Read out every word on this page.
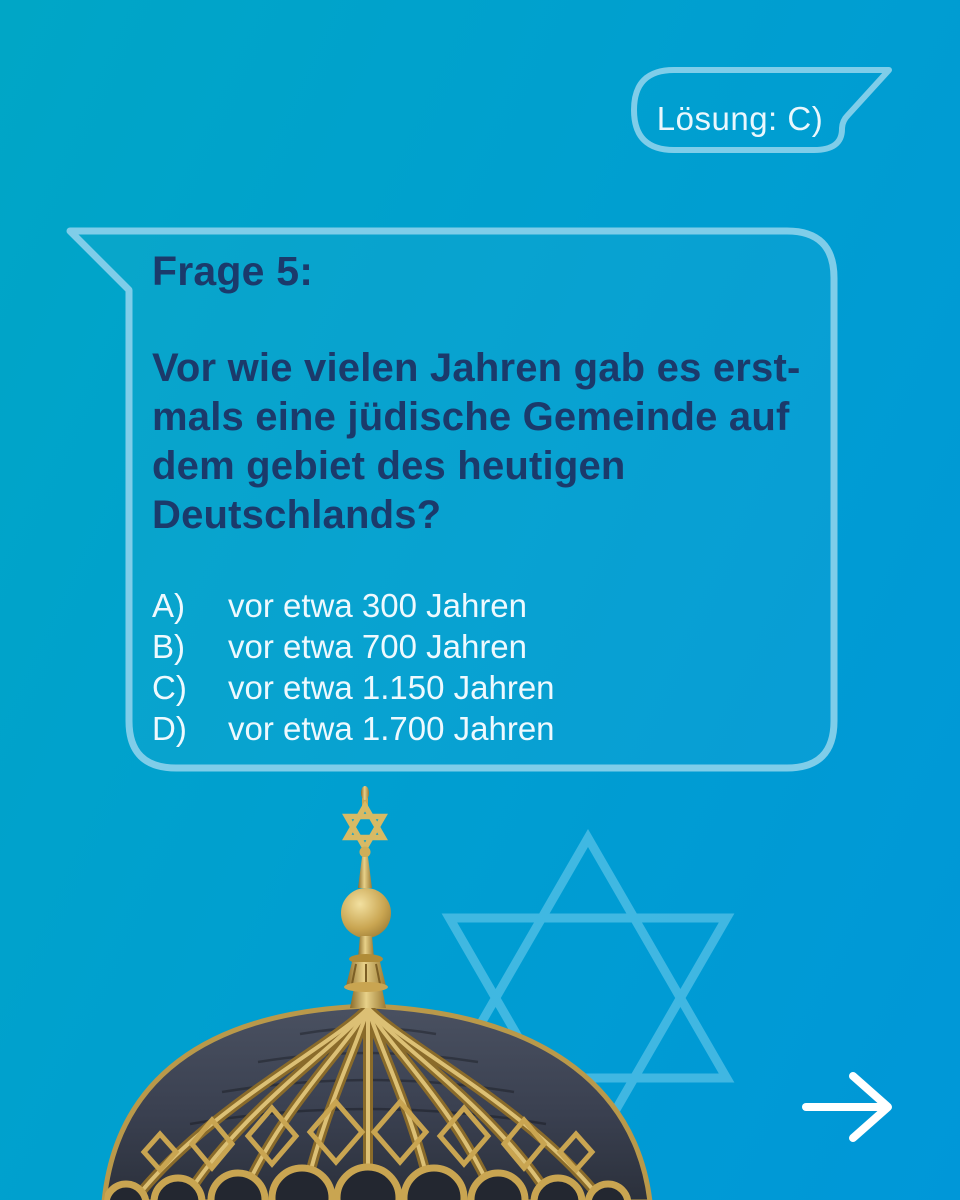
Lösung: C)
Frage 5:
Vor wie vielen Jahren gab es erst-
mals eine jüdische Gemeinde auf
dem gebiet des heutigen
Deutschlands?
A)	vor etwa 300 Jahren
B)	vor etwa 700 Jahren
C)	vor etwa 1.150 Jahren
D)	vor etwa 1.700 Jahren
